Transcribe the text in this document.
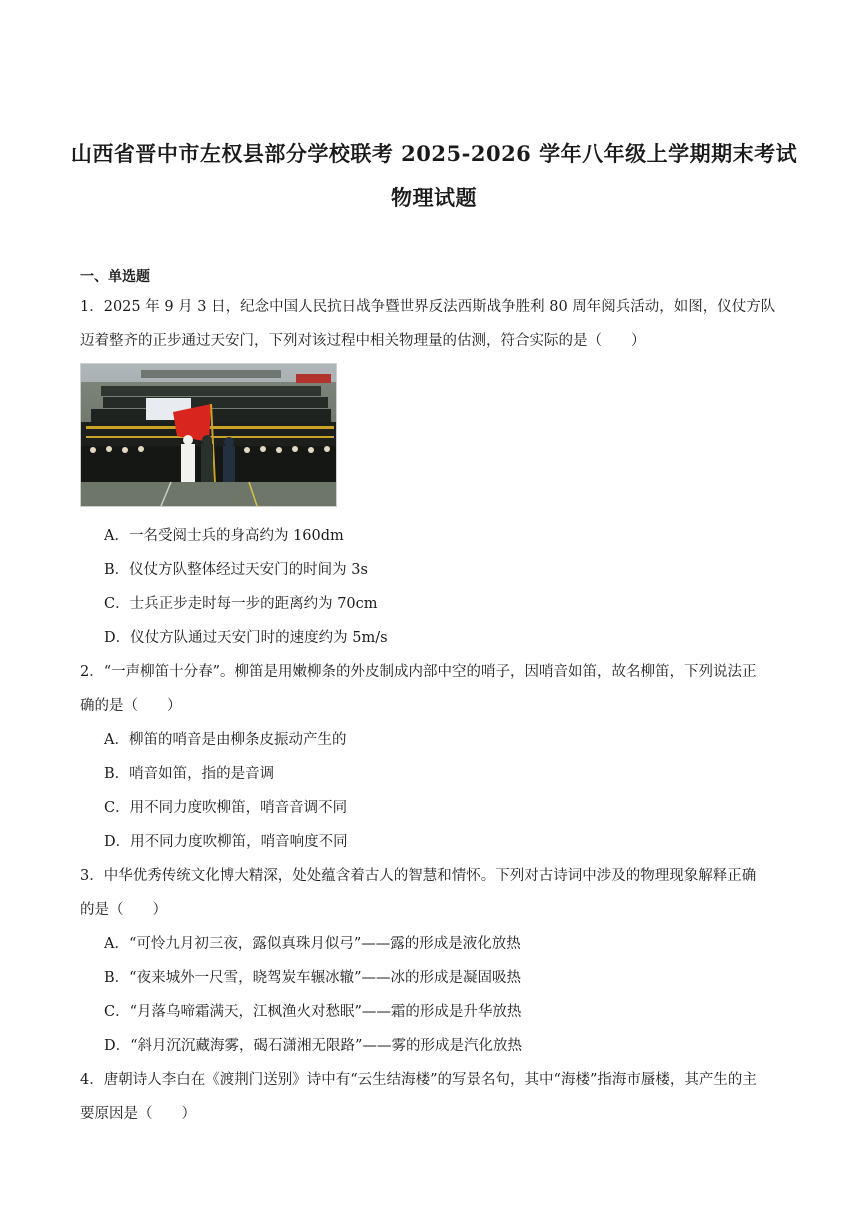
山西省晋中市左权县部分学校联考 2025-2026 学年八年级上学期期末考试
物理试题
一、单选题
1．2025 年 9 月 3 日，纪念中国人民抗日战争暨世界反法西斯战争胜利 80 周年阅兵活动，如图，仪仗方队
迈着整齐的正步通过天安门，下列对该过程中相关物理量的估测，符合实际的是（　　）
A．一名受阅士兵的身高约为 160dm
B．仪仗方队整体经过天安门的时间为 3s
C．士兵正步走时每一步的距离约为 70cm
D．仪仗方队通过天安门时的速度约为 5m/s
2．“一声柳笛十分春”。柳笛是用嫩柳条的外皮制成内部中空的哨子，因哨音如笛，故名柳笛，下列说法正
确的是（　　）
A．柳笛的哨音是由柳条皮振动产生的
B．哨音如笛，指的是音调
C．用不同力度吹柳笛，哨音音调不同
D．用不同力度吹柳笛，哨音响度不同
3．中华优秀传统文化博大精深，处处蕴含着古人的智慧和情怀。下列对古诗词中涉及的物理现象解释正确
的是（　　）
A．“可怜九月初三夜，露似真珠月似弓”——露的形成是液化放热
B．“夜来城外一尺雪，晓驾炭车辗冰辙”——冰的形成是凝固吸热
C．“月落乌啼霜满天，江枫渔火对愁眠”——霜的形成是升华放热
D．“斜月沉沉藏海雾，碣石潇湘无限路”——雾的形成是汽化放热
4．唐朝诗人李白在《渡荆门送别》诗中有“云生结海楼”的写景名句，其中“海楼”指海市蜃楼，其产生的主
要原因是（　　）
